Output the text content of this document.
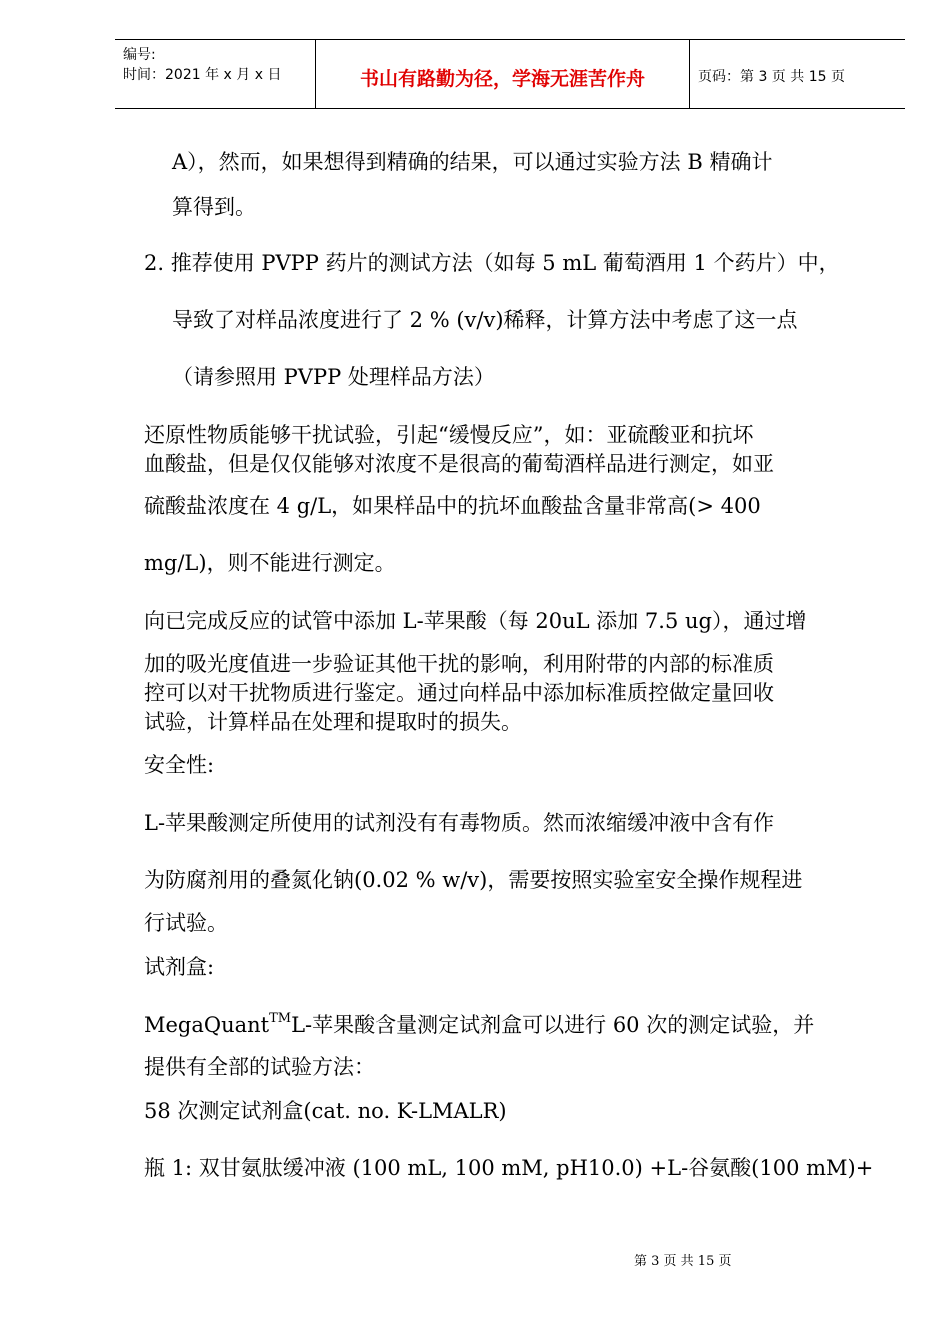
编号:
时间：2021 年 x 月 x 日	书山有路勤为径，学海无涯苦作舟	页码：第 3 页 共 15 页
A），然而，如果想得到精确的结果，可以通过实验方法 B 精确计
算得到。
2. 推荐使用 PVPP 药片的测试方法（如每 5 mL 葡萄酒用 1 个药片）中，
导致了对样品浓度进行了 2 % (v/v)稀释，计算方法中考虑了这一点
（请参照用 PVPP 处理样品方法）
还原性物质能够干扰试验，引起“缓慢反应”，如：亚硫酸亚和抗坏
血酸盐，但是仅仅能够对浓度不是很高的葡萄酒样品进行测定，如亚
硫酸盐浓度在 4 g/L，如果样品中的抗坏血酸盐含量非常高(> 400
mg/L)，则不能进行测定。
向已完成反应的试管中添加 L-苹果酸（每 20uL 添加 7.5 ug），通过增
加的吸光度值进一步验证其他干扰的影响，利用附带的内部的标准质
控可以对干扰物质进行鉴定。通过向样品中添加标准质控做定量回收
试验，计算样品在处理和提取时的损失。
安全性:
L-苹果酸测定所使用的试剂没有有毒物质。然而浓缩缓冲液中含有作
为防腐剂用的叠氮化钠(0.02 % w/v)，需要按照实验室安全操作规程进
行试验。
试剂盒:
MegaQuant™L-苹果酸含量测定试剂盒可以进行 60 次的测定试验，并
提供有全部的试验方法：
58 次测定试剂盒(cat. no. K-LMALR)
瓶 1: 双甘氨肽缓冲液 (100 mL, 100 mM, pH10.0) +L-谷氨酸(100 mM)+
第 3 页 共 15 页
